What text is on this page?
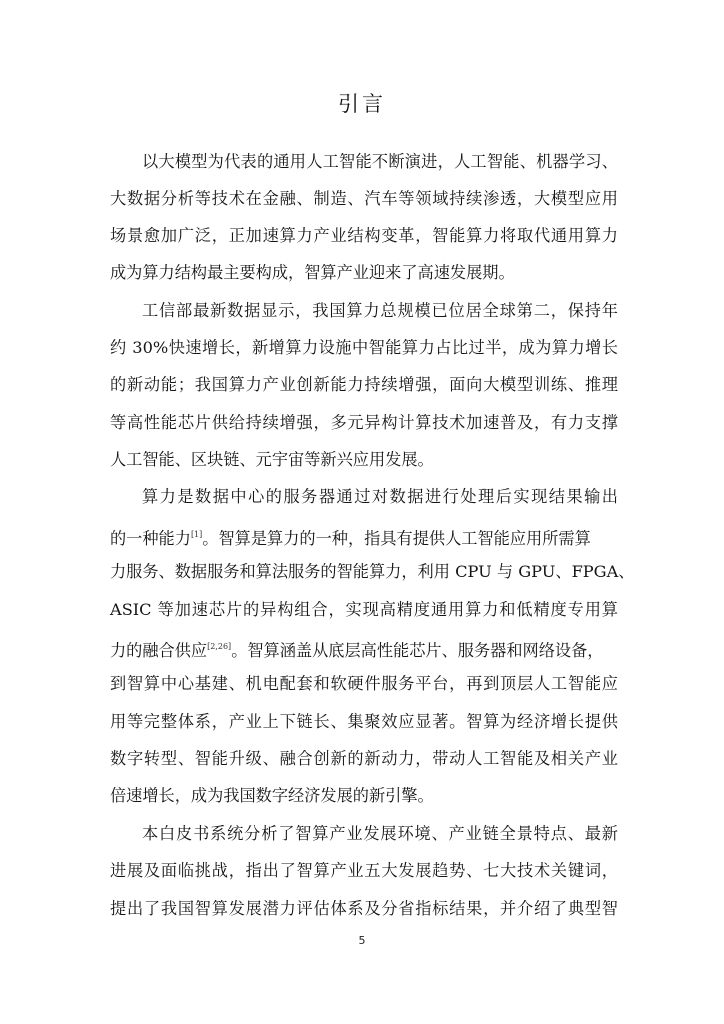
引言
以大模型为代表的通用人工智能不断演进，人工智能、机器学习、
大数据分析等技术在金融、制造、汽车等领域持续渗透，大模型应用
场景愈加广泛，正加速算力产业结构变革，智能算力将取代通用算力
成为算力结构最主要构成，智算产业迎来了高速发展期。
工信部最新数据显示，我国算力总规模已位居全球第二，保持年
约 30%快速增长，新增算力设施中智能算力占比过半，成为算力增长
的新动能；我国算力产业创新能力持续增强，面向大模型训练、推理
等高性能芯片供给持续增强，多元异构计算技术加速普及，有力支撑
人工智能、区块链、元宇宙等新兴应用发展。
算力是数据中心的服务器通过对数据进行处理后实现结果输出
的一种能力[1]。智算是算力的一种，指具有提供人工智能应用所需算
力服务、数据服务和算法服务的智能算力，利用 CPU 与 GPU、FPGA、
ASIC 等加速芯片的异构组合，实现高精度通用算力和低精度专用算
力的融合供应[2,26]。智算涵盖从底层高性能芯片、服务器和网络设备，
到智算中心基建、机电配套和软硬件服务平台，再到顶层人工智能应
用等完整体系，产业上下链长、集聚效应显著。智算为经济增长提供
数字转型、智能升级、融合创新的新动力，带动人工智能及相关产业
倍速增长，成为我国数字经济发展的新引擎。
本白皮书系统分析了智算产业发展环境、产业链全景特点、最新
进展及面临挑战，指出了智算产业五大发展趋势、七大技术关键词，
提出了我国智算发展潜力评估体系及分省指标结果，并介绍了典型智
5
